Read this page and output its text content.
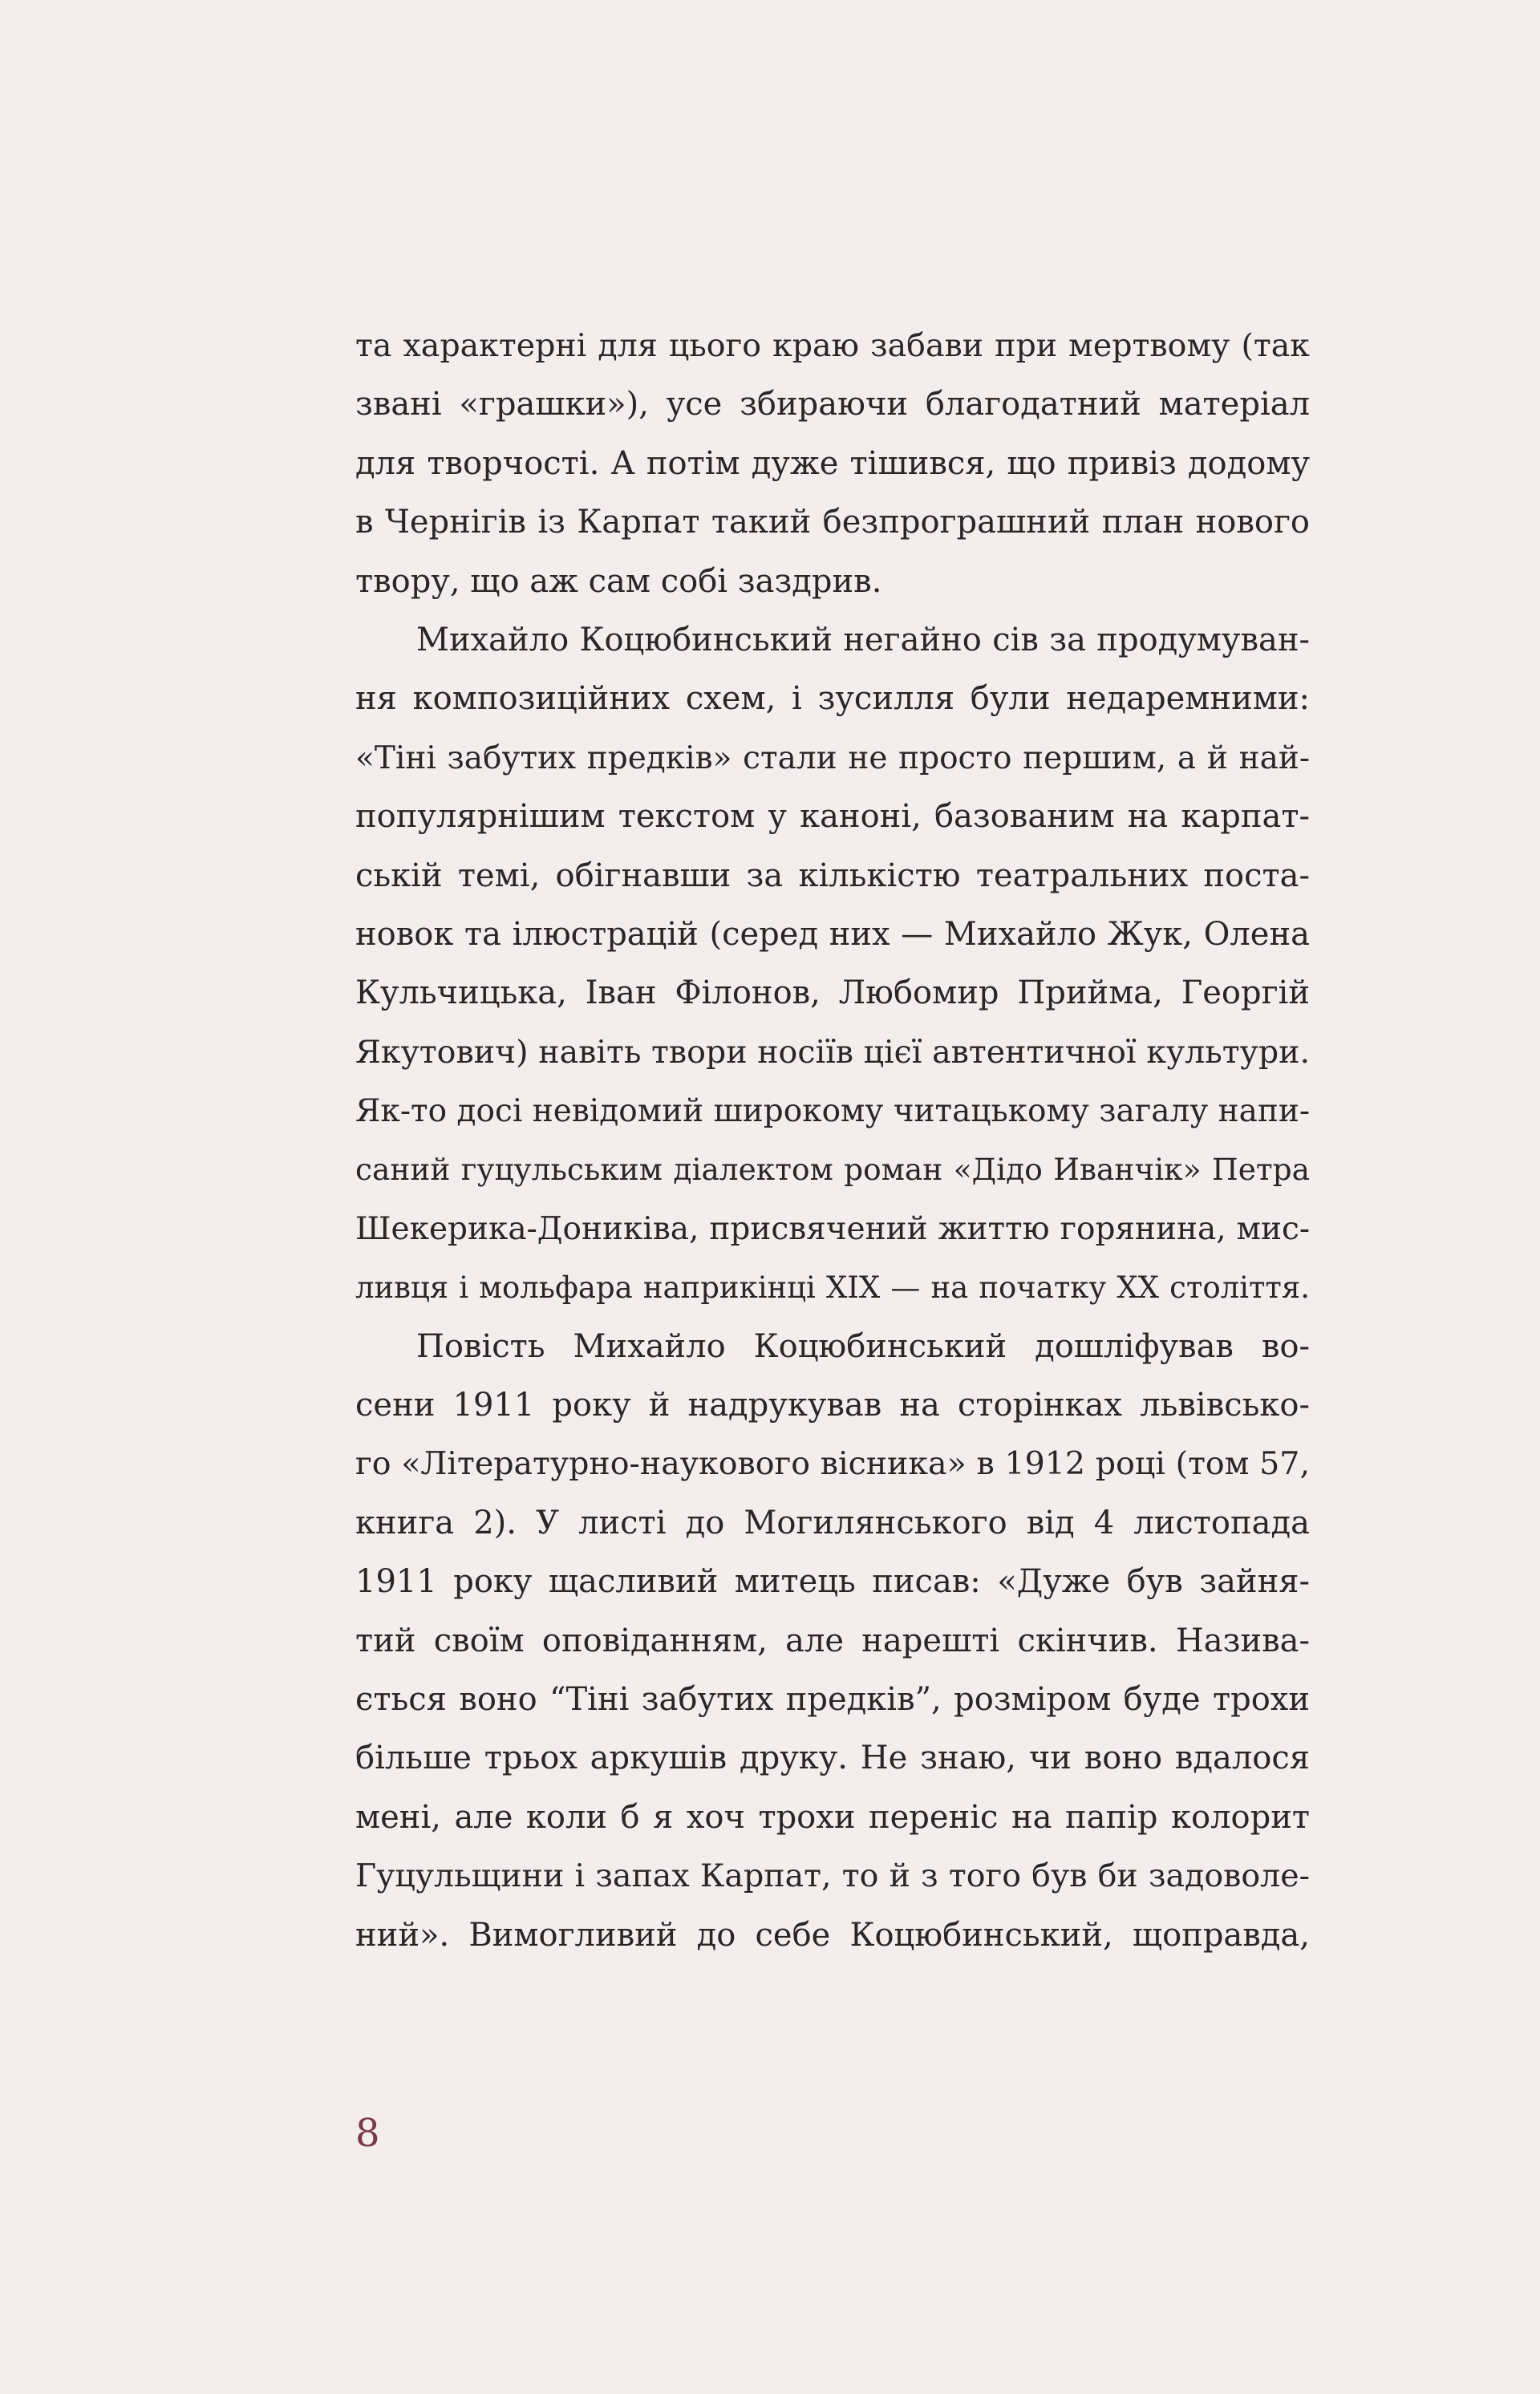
та характерні для цього краю забави при мертвому (так
звані «грашки»), усе збираючи благодатний матеріал
для творчості. А потім дуже тішився, що привіз додому
в Чернігів із Карпат такий безпрограшний план нового
твору, що аж сам собі заздрив.

Михайло Коцюбинський негайно сів за продумуван-
ня композиційних схем, і зусилля були недаремними:
«Тіні забутих предків» стали не просто першим, а й най-
популярнішим текстом у каноні, базованим на карпат-
ській темі, обігнавши за кількістю театральних поста-
новок та ілюстрацій (серед них — Михайло Жук, Олена
Кульчицька, Іван Філонов, Любомир Прийма, Георгій
Якутович) навіть твори носіїв цієї автентичної культури.
Як-то досі невідомий широкому читацькому загалу напи-
саний гуцульським діалектом роман «Дідо Иванчік» Петра
Шекерика-Дониківа, присвячений життю горянина, мис-
ливця і мольфара наприкінці ХІХ — на початку ХХ століття.

Повість Михайло Коцюбинський дошліфував во-
сени 1911 року й надрукував на сторінках львівсько-
го «Літературно-наукового вісника» в 1912 році (том 57,
книга 2). У листі до Могилянського від 4 листопада
1911 року щасливий митець писав: «Дуже був зайня-
тий своїм оповіданням, але нарешті скінчив. Назива-
ється воно “Тіні забутих предків”, розміром буде трохи
більше трьох аркушів друку. Не знаю, чи воно вдалося
мені, але коли б я хоч трохи переніс на папір колорит
Гуцульщини і запах Карпат, то й з того був би задоволе-
ний». Вимогливий до себе Коцюбинський, щоправда,

8
